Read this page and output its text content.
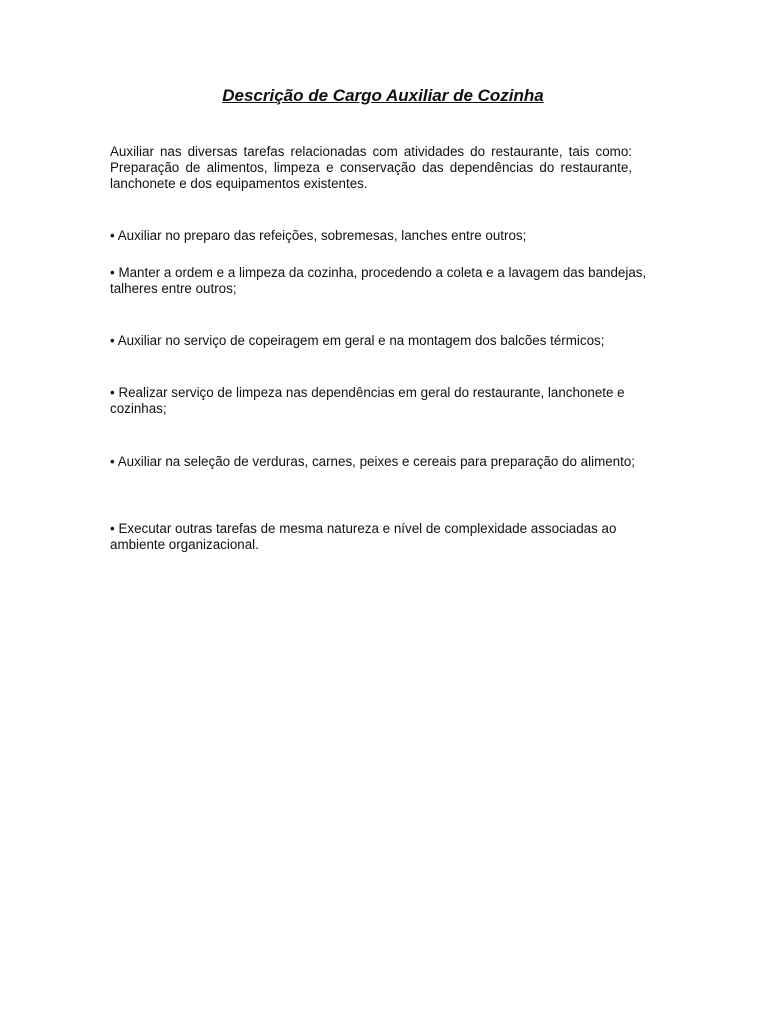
Descrição de Cargo Auxiliar de Cozinha

Auxiliar nas diversas tarefas relacionadas com atividades do restaurante, tais como: Preparação de alimentos, limpeza e conservação das dependências do restaurante, lanchonete e dos equipamentos existentes.

• Auxiliar no preparo das refeições, sobremesas, lanches entre outros;

• Manter a ordem e a limpeza da cozinha, procedendo a coleta e a lavagem das bandejas, talheres entre outros;

• Auxiliar no serviço de copeiragem em geral e na montagem dos balcões térmicos;

• Realizar serviço de limpeza nas dependências em geral do restaurante, lanchonete e cozinhas;

• Auxiliar na seleção de verduras, carnes, peixes e cereais para preparação do alimento;

• Executar outras tarefas de mesma natureza e nível de complexidade associadas ao ambiente organizacional.
